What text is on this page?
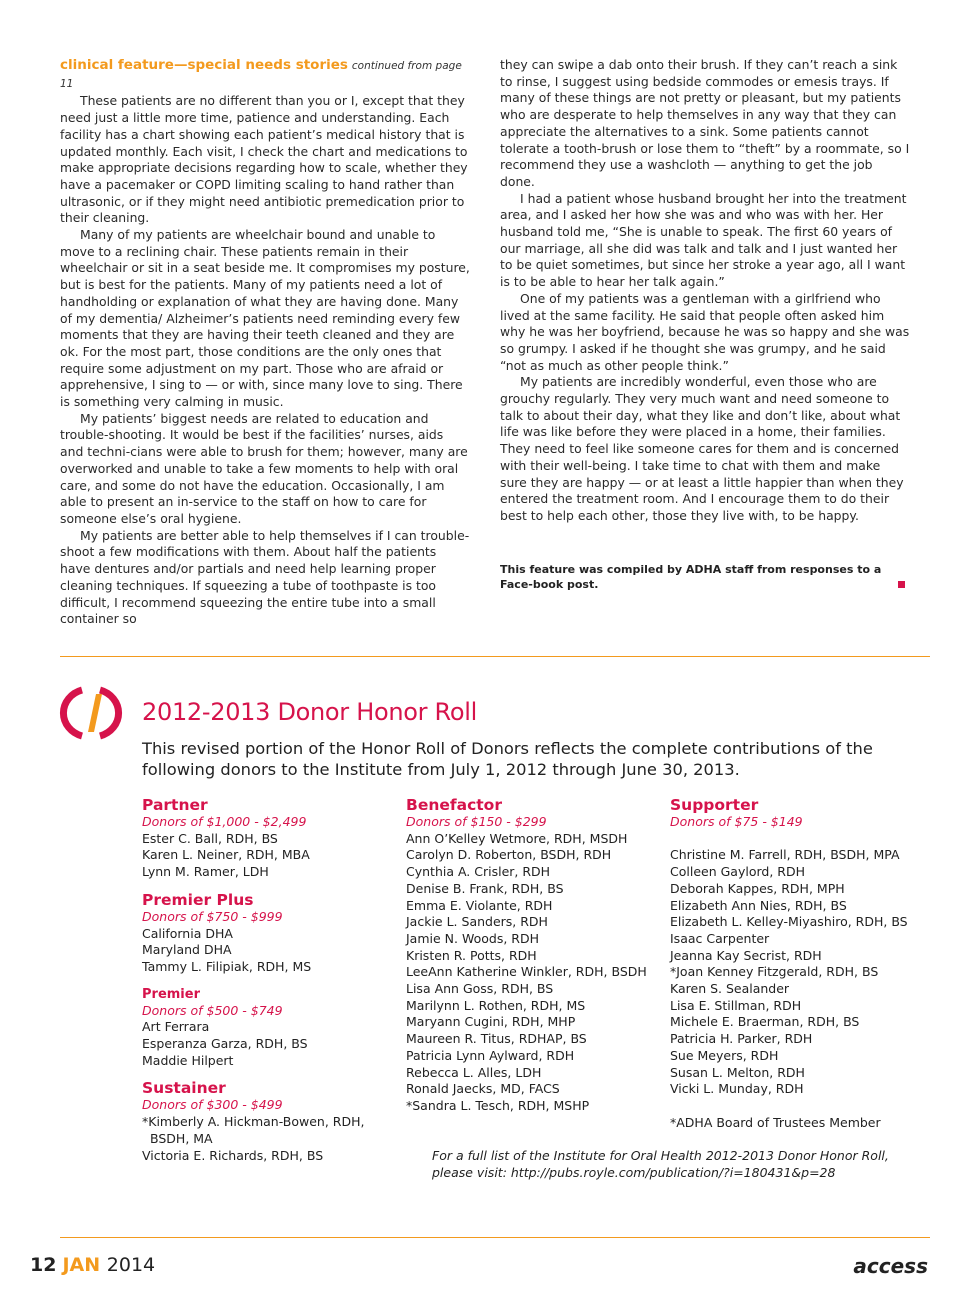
clinical feature—special needs stories continued from page 11

These patients are no different than you or I, except that they need just a little more time, patience and understanding. Each facility has a chart showing each patient’s medical history that is updated monthly. Each visit, I check the chart and medications to make appropriate decisions regarding how to scale, whether they have a pacemaker or COPD limiting scaling to hand rather than ultrasonic, or if they might need antibiotic premedication prior to their cleaning.

Many of my patients are wheelchair bound and unable to move to a reclining chair. These patients remain in their wheelchair or sit in a seat beside me. It compromises my posture, but is best for the patients. Many of my patients need a lot of handholding or explanation of what they are having done. Many of my dementia/ Alzheimer’s patients need reminding every few moments that they are having their teeth cleaned and they are ok. For the most part, those conditions are the only ones that require some adjustment on my part. Those who are afraid or apprehensive, I sing to — or with, since many love to sing. There is something very calming in music.

My patients’ biggest needs are related to education and trouble-shooting. It would be best if the facilities’ nurses, aids and techni-cians were able to brush for them; however, many are overworked and unable to take a few moments to help with oral care, and some do not have the education. Occasionally, I am able to present an in-service to the staff on how to care for someone else’s oral hygiene.

My patients are better able to help themselves if I can trouble-shoot a few modifications with them. About half the patients have dentures and/or partials and need help learning proper cleaning techniques. If squeezing a tube of toothpaste is too difficult, I recommend squeezing the entire tube into a small container so

they can swipe a dab onto their brush. If they can’t reach a sink to rinse, I suggest using bedside commodes or emesis trays. If many of these things are not pretty or pleasant, but my patients who are desperate to help themselves in any way that they can appreciate the alternatives to a sink. Some patients cannot tolerate a tooth-brush or lose them to “theft” by a roommate, so I recommend they use a washcloth — anything to get the job done.

I had a patient whose husband brought her into the treatment area, and I asked her how she was and who was with her. Her husband told me, “She is unable to speak. The first 60 years of our marriage, all she did was talk and talk and I just wanted her to be quiet sometimes, but since her stroke a year ago, all I want is to be able to hear her talk again.”

One of my patients was a gentleman with a girlfriend who lived at the same facility. He said that people often asked him why he was her boyfriend, because he was so happy and she was so grumpy. I asked if he thought she was grumpy, and he said “not as much as other people think.”

My patients are incredibly wonderful, even those who are grouchy regularly. They very much want and need someone to talk to about their day, what they like and don’t like, about what life was like before they were placed in a home, their families. They need to feel like someone cares for them and is concerned with their well-being. I take time to chat with them and make sure they are happy — or at least a little happier than when they entered the treatment room. And I encourage them to do their best to help each other, those they live with, to be happy.

This feature was compiled by ADHA staff from responses to a Face-book post.
2012-2013 Donor Honor Roll
This revised portion of the Honor Roll of Donors reflects the complete contributions of the following donors to the Institute from July 1, 2012 through June 30, 2013.
Partner
Donors of $1,000 - $2,499
Ester C. Ball, RDH, BS
Karen L. Neiner, RDH, MBA
Lynn M. Ramer, LDH
Premier Plus
Donors of $750 - $999
California DHA
Maryland DHA
Tammy L. Filipiak, RDH, MS
Premier
Donors of $500 - $749
Art Ferrara
Esperanza Garza, RDH, BS
Maddie Hilpert
Sustainer
Donors of $300 - $499
*Kimberly A. Hickman-Bowen, RDH, BSDH, MA
Victoria E. Richards, RDH, BS
Benefactor
Donors of $150 - $299
Ann O’Kelley Wetmore, RDH, MSDH
Carolyn D. Roberton, BSDH, RDH
Cynthia A. Crisler, RDH
Denise B. Frank, RDH, BS
Emma E. Violante, RDH
Jackie L. Sanders, RDH
Jamie N. Woods, RDH
Kristen R. Potts, RDH
LeeAnn Katherine Winkler, RDH, BSDH
Lisa Ann Goss, RDH, BS
Marilynn L. Rothen, RDH, MS
Maryann Cugini, RDH, MHP
Maureen R. Titus, RDHAP, BS
Patricia Lynn Aylward, RDH
Rebecca L. Alles, LDH
Ronald Jaecks, MD, FACS
*Sandra L. Tesch, RDH, MSHP
Supporter
Donors of $75 - $149
Christine M. Farrell, RDH, BSDH, MPA
Colleen Gaylord, RDH
Deborah Kappes, RDH, MPH
Elizabeth Ann Nies, RDH, BS
Elizabeth L. Kelley-Miyashiro, RDH, BS
Isaac Carpenter
Jeanna Kay Secrist, RDH
*Joan Kenney Fitzgerald, RDH, BS
Karen S. Sealander
Lisa E. Stillman, RDH
Michele E. Braerman, RDH, BS
Patricia H. Parker, RDH
Sue Meyers, RDH
Susan L. Melton, RDH
Vicki L. Munday, RDH
*ADHA Board of Trustees Member
For a full list of the Institute for Oral Health 2012-2013 Donor Honor Roll,
please visit: http://pubs.royle.com/publication/?i=180431&p=28
12 JAN 2014	access
